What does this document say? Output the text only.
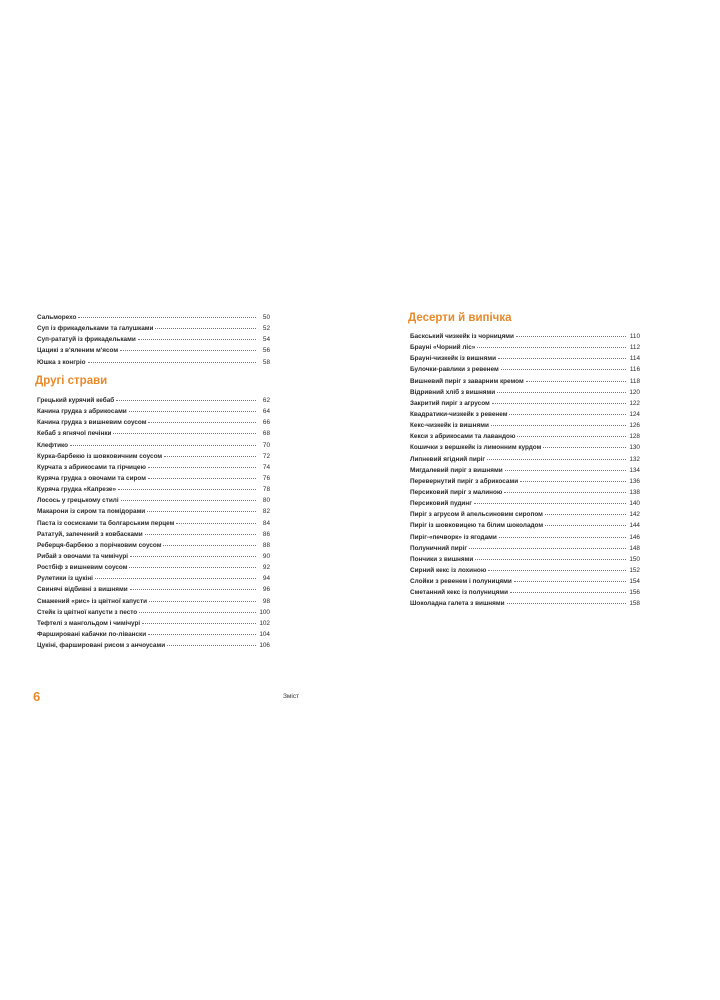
Сальморехо	50
Суп із фрикадельками та галушками	52
Суп-рататуй із фрикадельками	54
Цацикі з в'яленим м'ясом	56
Юшка з конгріо	58
Другі страви
Грецький курячий кебаб	62
Качина грудка з абрикосами	64
Качина грудка з вишневим соусом	66
Кебаб з ягнячої печінки	68
Клефтико	70
Курка-барбекю із шовковичним соусом	72
Курчата з абрикосами та гірчицею	74
Куряча грудка з овочами та сиром	76
Куряча грудка «Капрезе»	78
Лосось у грецькому стилі	80
Макарони із сиром та помідорами	82
Паста із сосисками та болгарським перцем	84
Рататуй, запечений з ковбасками	86
Реберця-барбекю з порічковим соусом	88
Рибай з овочами та чимічурі	90
Ростбіф з вишневим соусом	92
Рулетики із цукіні	94
Свинячі відбивні з вишнями	96
Смажений «рис» із цвітної капусти	98
Стейк із цвітної капусти з песто	100
Тефтелі з мангольдом і чимічурі	102
Фаршировані кабачки по-лівански	104
Цукіні, фаршировані рисом з анчоусами	106
Десерти й випічка
Баскський чизкейк із чорницями	110
Брауні «Чорний ліс»	112
Брауні-чизкейк із вишнями	114
Булочки-равлики з ревенем	116
Вишневий пиріг з заварним кремом	118
Відривний хліб з вишнями	120
Закритий пиріг з агрусом	122
Квадратики-чизкейк з ревенем	124
Кекс-чизкейк із вишнями	126
Кекси з абрикосами та лавандою	128
Кошички з вершкейк із лимонним курдом	130
Липневий ягідний пиріг	132
Мигдалевий пиріг з вишнями	134
Перевернутий пиріг з абрикосами	136
Персиковий пиріг з малиною	138
Персиковий пудинг	140
Пиріг з агрусом й апельсиновим сиропом	142
Пиріг із шовковицею та білим шоколадом	144
Пиріг-«печворк» із ягодами	146
Полуничний пиріг	148
Пончики з вишнями	150
Сирний кекс із лохиною	152
Слойки з ревенем і полуницями	154
Сметанний кекс із полуницями	156
Шоколадна галета з вишнями	158
6	Зміст
